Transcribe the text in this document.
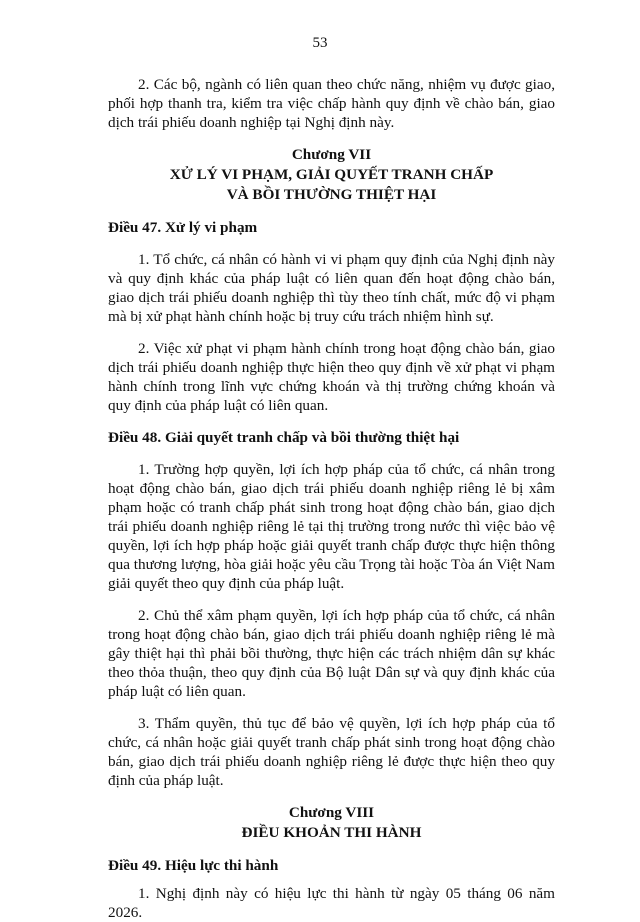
53

2. Các bộ, ngành có liên quan theo chức năng, nhiệm vụ được giao, phối hợp thanh tra, kiểm tra việc chấp hành quy định về chào bán, giao dịch trái phiếu doanh nghiệp tại Nghị định này.

Chương VII
XỬ LÝ VI PHẠM, GIẢI QUYẾT TRANH CHẤP
VÀ BỒI THƯỜNG THIỆT HẠI
Điều 47. Xử lý vi phạm

1. Tổ chức, cá nhân có hành vi vi phạm quy định của Nghị định này và quy định khác của pháp luật có liên quan đến hoạt động chào bán, giao dịch trái phiếu doanh nghiệp thì tùy theo tính chất, mức độ vi phạm mà bị xử phạt hành chính hoặc bị truy cứu trách nhiệm hình sự.

2. Việc xử phạt vi phạm hành chính trong hoạt động chào bán, giao dịch trái phiếu doanh nghiệp thực hiện theo quy định về xử phạt vi phạm hành chính trong lĩnh vực chứng khoán và thị trường chứng khoán và quy định của pháp luật có liên quan.

Điều 48. Giải quyết tranh chấp và bồi thường thiệt hại

1. Trường hợp quyền, lợi ích hợp pháp của tổ chức, cá nhân trong hoạt động chào bán, giao dịch trái phiếu doanh nghiệp riêng lẻ bị xâm phạm hoặc có tranh chấp phát sinh trong hoạt động chào bán, giao dịch trái phiếu doanh nghiệp riêng lẻ tại thị trường trong nước thì việc bảo vệ quyền, lợi ích hợp pháp hoặc giải quyết tranh chấp được thực hiện thông qua thương lượng, hòa giải hoặc yêu cầu Trọng tài hoặc Tòa án Việt Nam giải quyết theo quy định của pháp luật.

2. Chủ thể xâm phạm quyền, lợi ích hợp pháp của tổ chức, cá nhân trong hoạt động chào bán, giao dịch trái phiếu doanh nghiệp riêng lẻ mà gây thiệt hại thì phải bồi thường, thực hiện các trách nhiệm dân sự khác theo thỏa thuận, theo quy định của Bộ luật Dân sự và quy định khác của pháp luật có liên quan.

3. Thẩm quyền, thủ tục để bảo vệ quyền, lợi ích hợp pháp của tổ chức, cá nhân hoặc giải quyết tranh chấp phát sinh trong hoạt động chào bán, giao dịch trái phiếu doanh nghiệp riêng lẻ được thực hiện theo quy định của pháp luật.

Chương VIII
ĐIỀU KHOẢN THI HÀNH
Điều 49. Hiệu lực thi hành

1. Nghị định này có hiệu lực thi hành từ ngày 05 tháng 06 năm 2026.
